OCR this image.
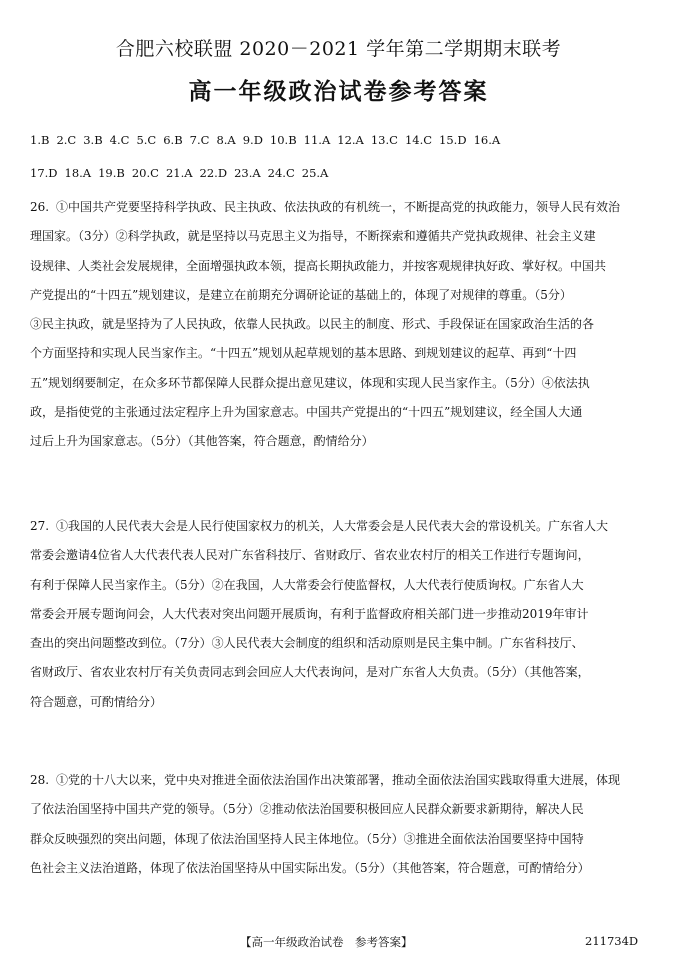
合肥六校联盟 2020－2021 学年第二学期期末联考
高一年级政治试卷参考答案
1.B 2.C 3.B 4.C 5.C 6.B 7.C 8.A 9.D 10.B 11.A 12.A 13.C 14.C 15.D 16.A
17.D 18.A 19.B 20.C 21.A 22.D 23.A 24.C 25.A
26. ①中国共产党要坚持科学执政、民主执政、依法执政的有机统一，不断提高党的执政能力，领导人民有效治

理国家。（3分）②科学执政，就是坚持以马克思主义为指导，不断探索和遵循共产党执政规律、社会主义建
设规律、人类社会发展规律，全面增强执政本领，提高长期执政能力，并按客观规律执好政、掌好权。中国共
产党提出的“十四五”规划建议，是建立在前期充分调研论证的基础上的，体现了对规律的尊重。（5分）
③民主执政，就是坚持为了人民执政，依靠人民执政。以民主的制度、形式、手段保证在国家政治生活的各
个方面坚持和实现人民当家作主。“十四五”规划从起草规划的基本思路、到规划建议的起草、再到“十四
五”规划纲要制定，在众多环节都保障人民群众提出意见建议，体现和实现人民当家作主。（5分）④依法执
政，是指使党的主张通过法定程序上升为国家意志。中国共产党提出的“十四五”规划建议，经全国人大通
过后上升为国家意志。（5分）（其他答案，符合题意，酌情给分）
27. ①我国的人民代表大会是人民行使国家权力的机关，人大常委会是人民代表大会的常设机关。广东省人大

常委会邀请4位省人大代表代表人民对广东省科技厅、省财政厅、省农业农村厅的相关工作进行专题询问，
有利于保障人民当家作主。（5分）②在我国，人大常委会行使监督权，人大代表行使质询权。广东省人大
常委会开展专题询问会，人大代表对突出问题开展质询，有利于监督政府相关部门进一步推动2019年审计
查出的突出问题整改到位。（7分）③人民代表大会制度的组织和活动原则是民主集中制。广东省科技厅、
省财政厅、省农业农村厅有关负责同志到会回应人大代表询问，是对广东省人大负责。（5分）（其他答案，
符合题意，可酌情给分）
28. ①党的十八大以来，党中央对推进全面依法治国作出决策部署，推动全面依法治国实践取得重大进展，体现

了依法治国坚持中国共产党的领导。（5分）②推动依法治国要积极回应人民群众新要求新期待，解决人民
群众反映强烈的突出问题，体现了依法治国坚持人民主体地位。（5分）③推进全面依法治国要坚持中国特
色社会主义法治道路，体现了依法治国坚持从中国实际出发。（5分）（其他答案，符合题意，可酌情给分）
【高一年级政治试卷　参考答案】	211734D
